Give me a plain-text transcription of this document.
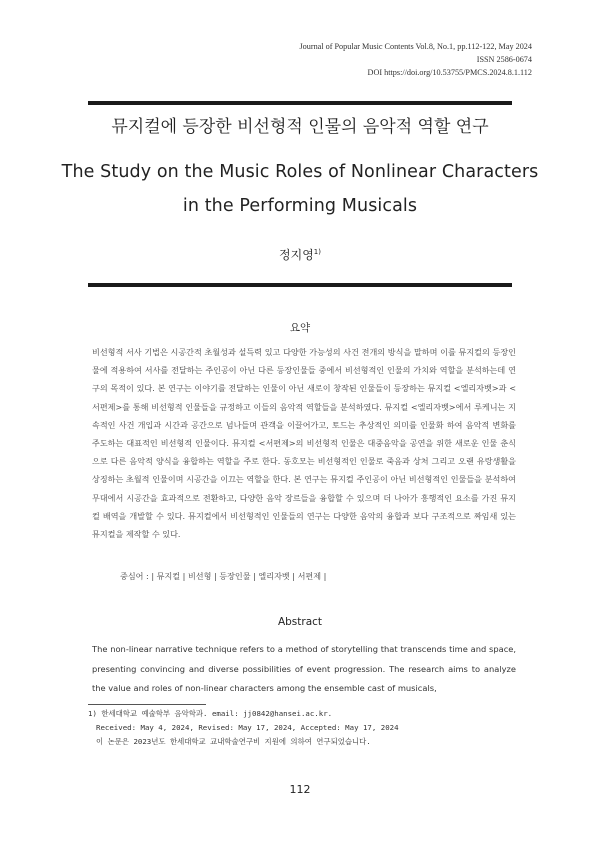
Journal of Popular Music Contents Vol.8, No.1, pp.112-122, May 2024
ISSN 2586-0674
DOI https://doi.org/10.53755/PMCS.2024.8.1.112
뮤지컬에 등장한 비선형적 인물의 음악적 역할 연구
The Study on the Music Roles of Nonlinear Characters in the Performing Musicals
정지영$^{1)}$
요약

비선형적 서사 기법은 시공간적 초월성과 설득력 있고 다양한 가능성의 사건 전개의 방식을 말하며 이를 뮤지컬의 등장인물에 적용하여 서사를 전달하는 주인공이 아닌 다른 등장인물들 중에서 비선형적인 인물의 가치와 역할을 분석하는데 연구의 목적이 있다. 본 연구는 이야기를 전달하는 인물이 아닌 새로이 창작된 인물들이 등장하는 뮤지컬 <엘리자벳>과 <서편제>를 통해 비선형적 인물들을 규정하고 이들의 음악적 역할들을 분석하였다. 뮤지컬 <엘리자벳>에서 루케니는 지속적인 사건 개입과 시간과 공간으로 넘나들며 관객을 이끌어가고, 토드는 추상적인 의미를 인물화 하여 음악적 변화를 주도하는 대표적인 비선형적 인물이다. 뮤지컬 <서편제>의 비선형적 인물은 대중음악을 공연을 위한 새로운 인물 춘식으로 다른 음악적 양식을 융합하는 역할을 주로 한다. 동호모는 비선형적인 인물로 죽음과 상처 그리고 오랜 유랑생활을 상징하는 초월적 인물이며 시공간을 이끄는 역할을 한다. 본 연구는 뮤지컬 주인공이 아닌 비선형적인 인물들을 분석하여 무대에서 시공간을 효과적으로 전환하고, 다양한 음악 장르들을 융합할 수 있으며 더 나아가 흥행적인 요소를 가진 뮤지컬 배역을 개발할 수 있다. 뮤지컬에서 비선형적인 인물들의 연구는 다양한 음악의 융합과 보다 구조적으로 짜임새 있는 뮤지컬을 제작할 수 있다.

중심어 : | 뮤지컬 | 비선형 | 등장인물 | 엘리자벳 | 서편제 |
Abstract

The non-linear narrative technique refers to a method of storytelling that transcends time and space, presenting convincing and diverse possibilities of event progression. The research aims to analyze the value and roles of non-linear characters among the ensemble cast of musicals,

1) 한세대학교 예술학부 음악학과. email: jj0842@hansei.ac.kr.
Received: May 4, 2024, Revised: May 17, 2024, Accepted: May 17, 2024
이 논문은 2023년도 한세대학교 교내학술연구비 지원에 의하여 연구되었습니다.
112
